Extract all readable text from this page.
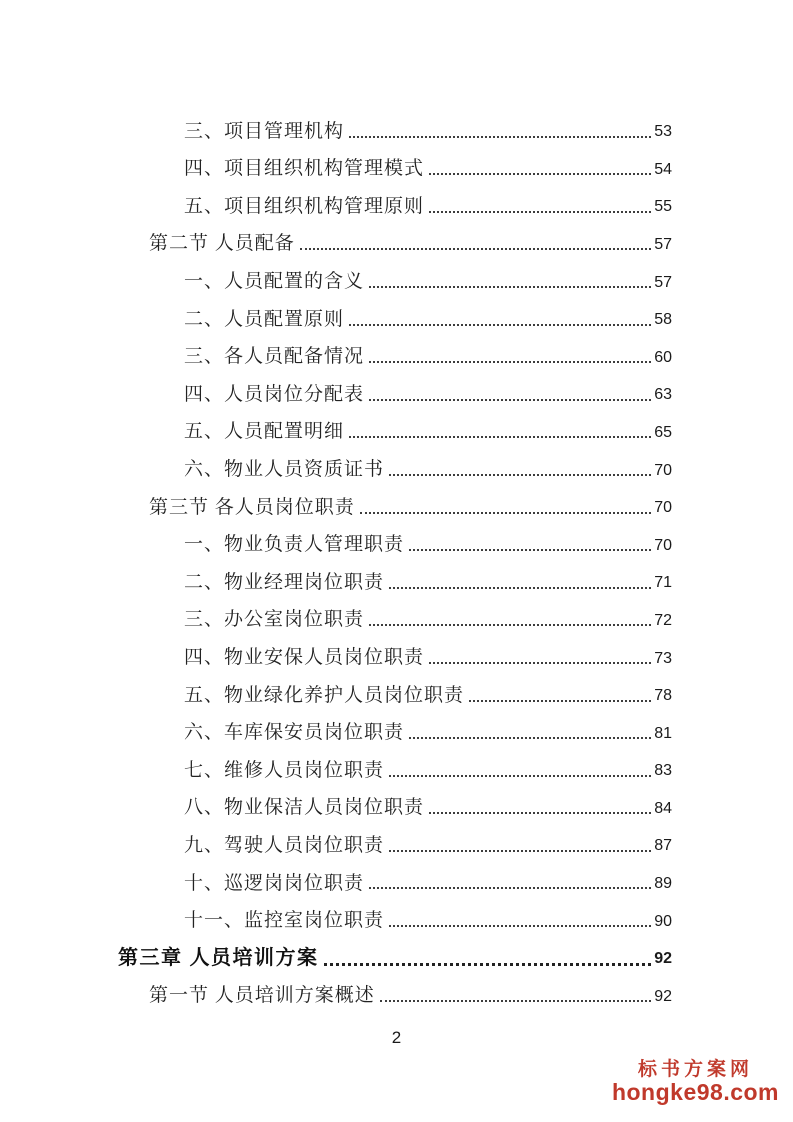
三、项目管理机构	53
四、项目组织机构管理模式	54
五、项目组织机构管理原则	55
第二节 人员配备	57
一、人员配置的含义	57
二、人员配置原则	58
三、各人员配备情况	60
四、人员岗位分配表	63
五、人员配置明细	65
六、物业人员资质证书	70
第三节 各人员岗位职责	70
一、物业负责人管理职责	70
二、物业经理岗位职责	71
三、办公室岗位职责	72
四、物业安保人员岗位职责	73
五、物业绿化养护人员岗位职责	78
六、车库保安员岗位职责	81
七、维修人员岗位职责	83
八、物业保洁人员岗位职责	84
九、驾驶人员岗位职责	87
十、巡逻岗岗位职责	89
十一、监控室岗位职责	90
第三章 人员培训方案	92
第一节 人员培训方案概述	92
2
标书方案网
hongke98.com
